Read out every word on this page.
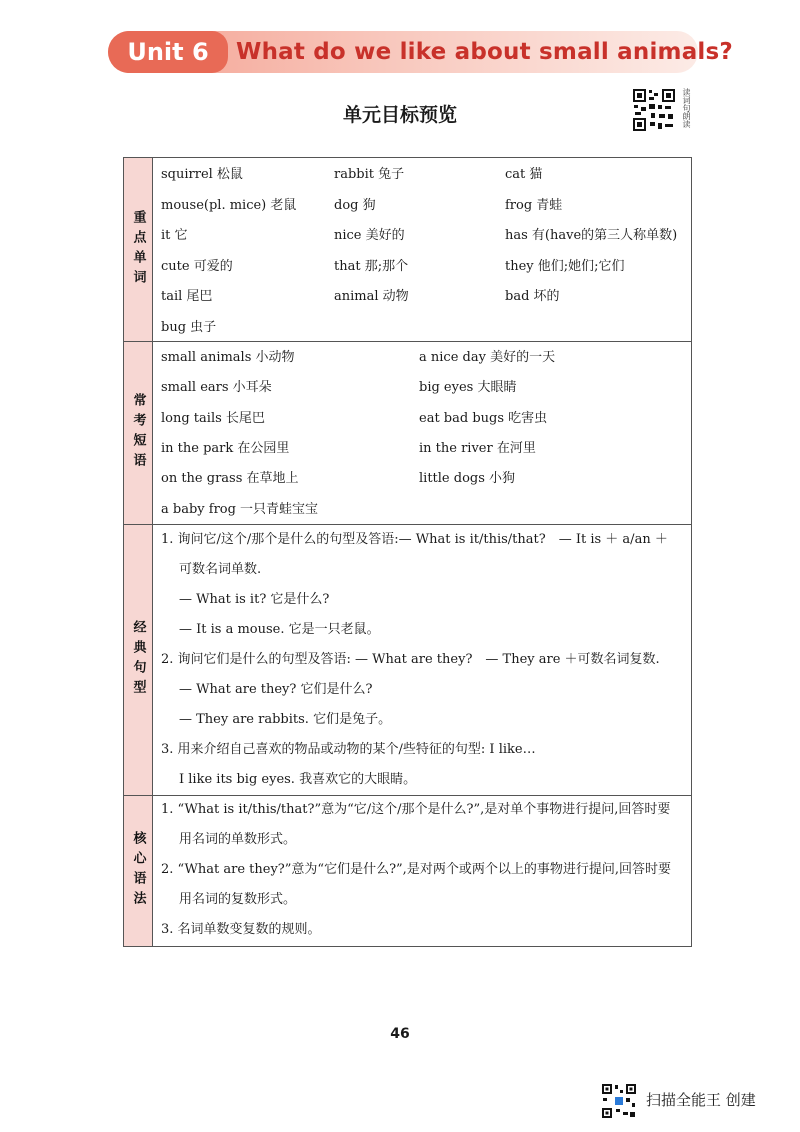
Unit 6	What do we like about small animals?
单元目标预览	读词句朗读
重点单词
squirrel 松鼠	rabbit 兔子	cat 猫
mouse(pl. mice) 老鼠	dog 狗	frog 青蛙
it 它	nice 美好的	has 有(have的第三人称单数)
cute 可爱的	that 那;那个	they 他们;她们;它们
tail 尾巴	animal 动物	bad 坏的
bug 虫子
常考短语
small animals 小动物	a nice day 美好的一天
small ears 小耳朵	big eyes 大眼睛
long tails 长尾巴	eat bad bugs 吃害虫
in the park 在公园里	in the river 在河里
on the grass 在草地上	little dogs 小狗
a baby frog 一只青蛙宝宝
经典句型
1. 询问它/这个/那个是什么的句型及答语:— What is it/this/that?　— It is ＋ a/an ＋
可数名词单数.
— What is it? 它是什么?
— It is a mouse. 它是一只老鼠。
2. 询问它们是什么的句型及答语: — What are they?　— They are ＋可数名词复数.
— What are they? 它们是什么?
— They are rabbits. 它们是兔子。
3. 用来介绍自己喜欢的物品或动物的某个/些特征的句型: I like…
I like its big eyes. 我喜欢它的大眼睛。
核心语法
1. “What is it/this/that?”意为“它/这个/那个是什么?”,是对单个事物进行提问,回答时要
用名词的单数形式。
2. “What are they?”意为“它们是什么?”,是对两个或两个以上的事物进行提问,回答时要
用名词的复数形式。
3. 名词单数变复数的规则。
46
扫描全能王 创建
